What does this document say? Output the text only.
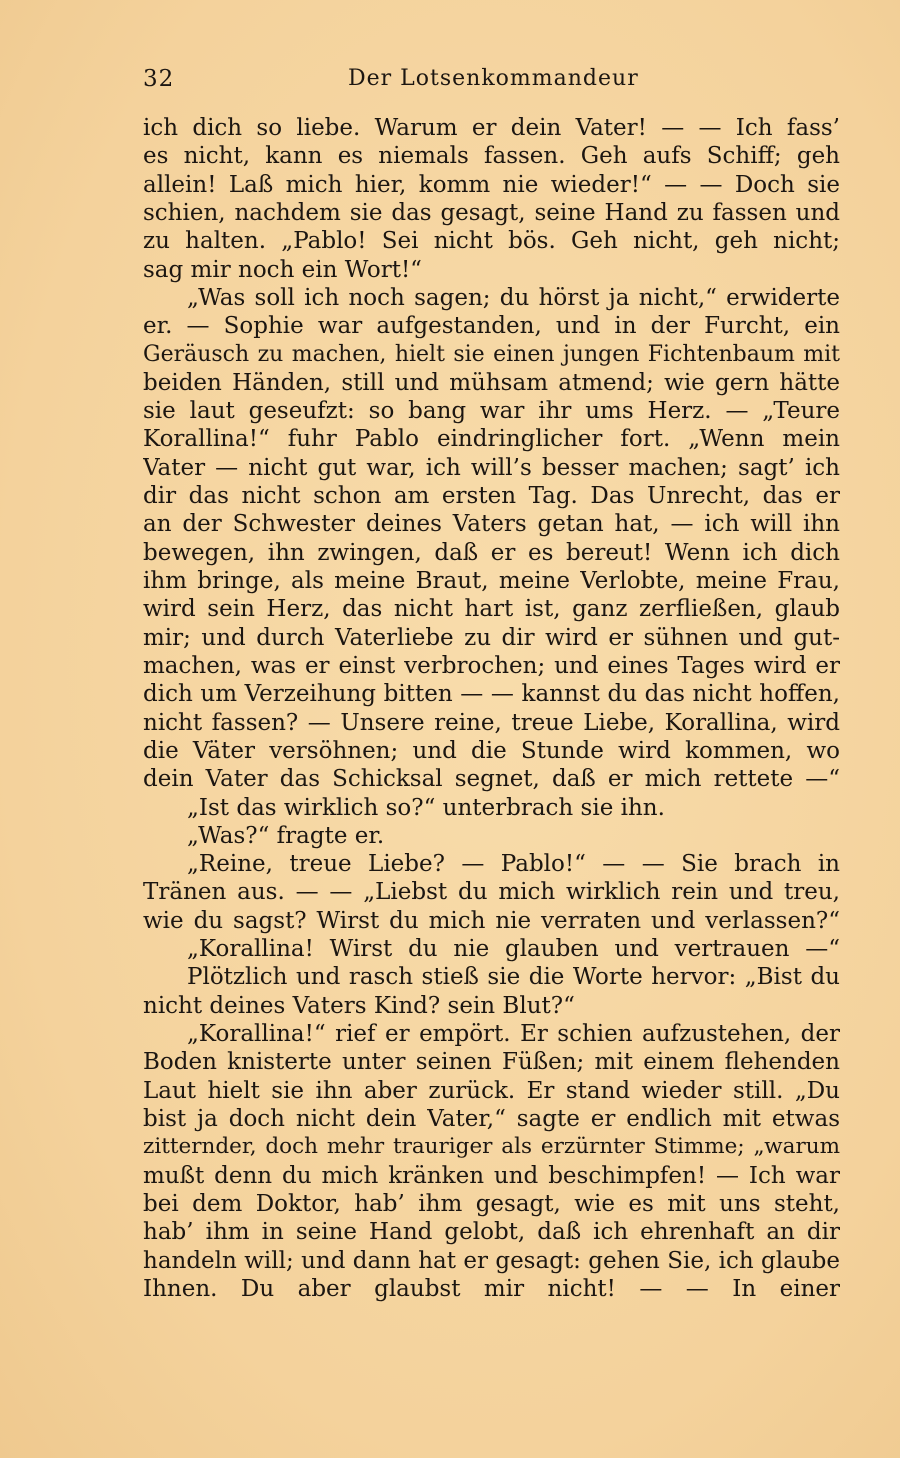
32	Der Lotsenkommandeur
ich dich so liebe. Warum er dein Vater! — — Ich fass’
es nicht, kann es niemals fassen. Geh aufs Schiff; geh
allein! Laß mich hier, komm nie wieder!“ — — Doch sie
schien, nachdem sie das gesagt, seine Hand zu fassen und
zu halten. „Pablo! Sei nicht bös. Geh nicht, geh nicht;
sag mir noch ein Wort!“
„Was soll ich noch sagen; du hörst ja nicht,“ erwiderte
er. — Sophie war aufgestanden, und in der Furcht, ein
Geräusch zu machen, hielt sie einen jungen Fichtenbaum mit
beiden Händen, still und mühsam atmend; wie gern hätte
sie laut geseufzt: so bang war ihr ums Herz. — „Teure
Korallina!“ fuhr Pablo eindringlicher fort. „Wenn mein
Vater — nicht gut war, ich will’s besser machen; sagt’ ich
dir das nicht schon am ersten Tag. Das Unrecht, das er
an der Schwester deines Vaters getan hat, — ich will ihn
bewegen, ihn zwingen, daß er es bereut! Wenn ich dich
ihm bringe, als meine Braut, meine Verlobte, meine Frau,
wird sein Herz, das nicht hart ist, ganz zerfließen, glaub
mir; und durch Vaterliebe zu dir wird er sühnen und gut-
machen, was er einst verbrochen; und eines Tages wird er
dich um Verzeihung bitten — — kannst du das nicht hoffen,
nicht fassen? — Unsere reine, treue Liebe, Korallina, wird
die Väter versöhnen; und die Stunde wird kommen, wo
dein Vater das Schicksal segnet, daß er mich rettete —“
„Ist das wirklich so?“ unterbrach sie ihn.
„Was?“ fragte er.
„Reine, treue Liebe? — Pablo!“ — — Sie brach in
Tränen aus. — — „Liebst du mich wirklich rein und treu,
wie du sagst? Wirst du mich nie verraten und verlassen?“
„Korallina! Wirst du nie glauben und vertrauen —“
Plötzlich und rasch stieß sie die Worte hervor: „Bist du
nicht deines Vaters Kind? sein Blut?“
„Korallina!“ rief er empört. Er schien aufzustehen, der
Boden knisterte unter seinen Füßen; mit einem flehenden
Laut hielt sie ihn aber zurück. Er stand wieder still. „Du
bist ja doch nicht dein Vater,“ sagte er endlich mit etwas
zitternder, doch mehr trauriger als erzürnter Stimme; „warum
mußt denn du mich kränken und beschimpfen! — Ich war
bei dem Doktor, hab’ ihm gesagt, wie es mit uns steht,
hab’ ihm in seine Hand gelobt, daß ich ehrenhaft an dir
handeln will; und dann hat er gesagt: gehen Sie, ich glaube
Ihnen. Du aber glaubst mir nicht! — — In einer
